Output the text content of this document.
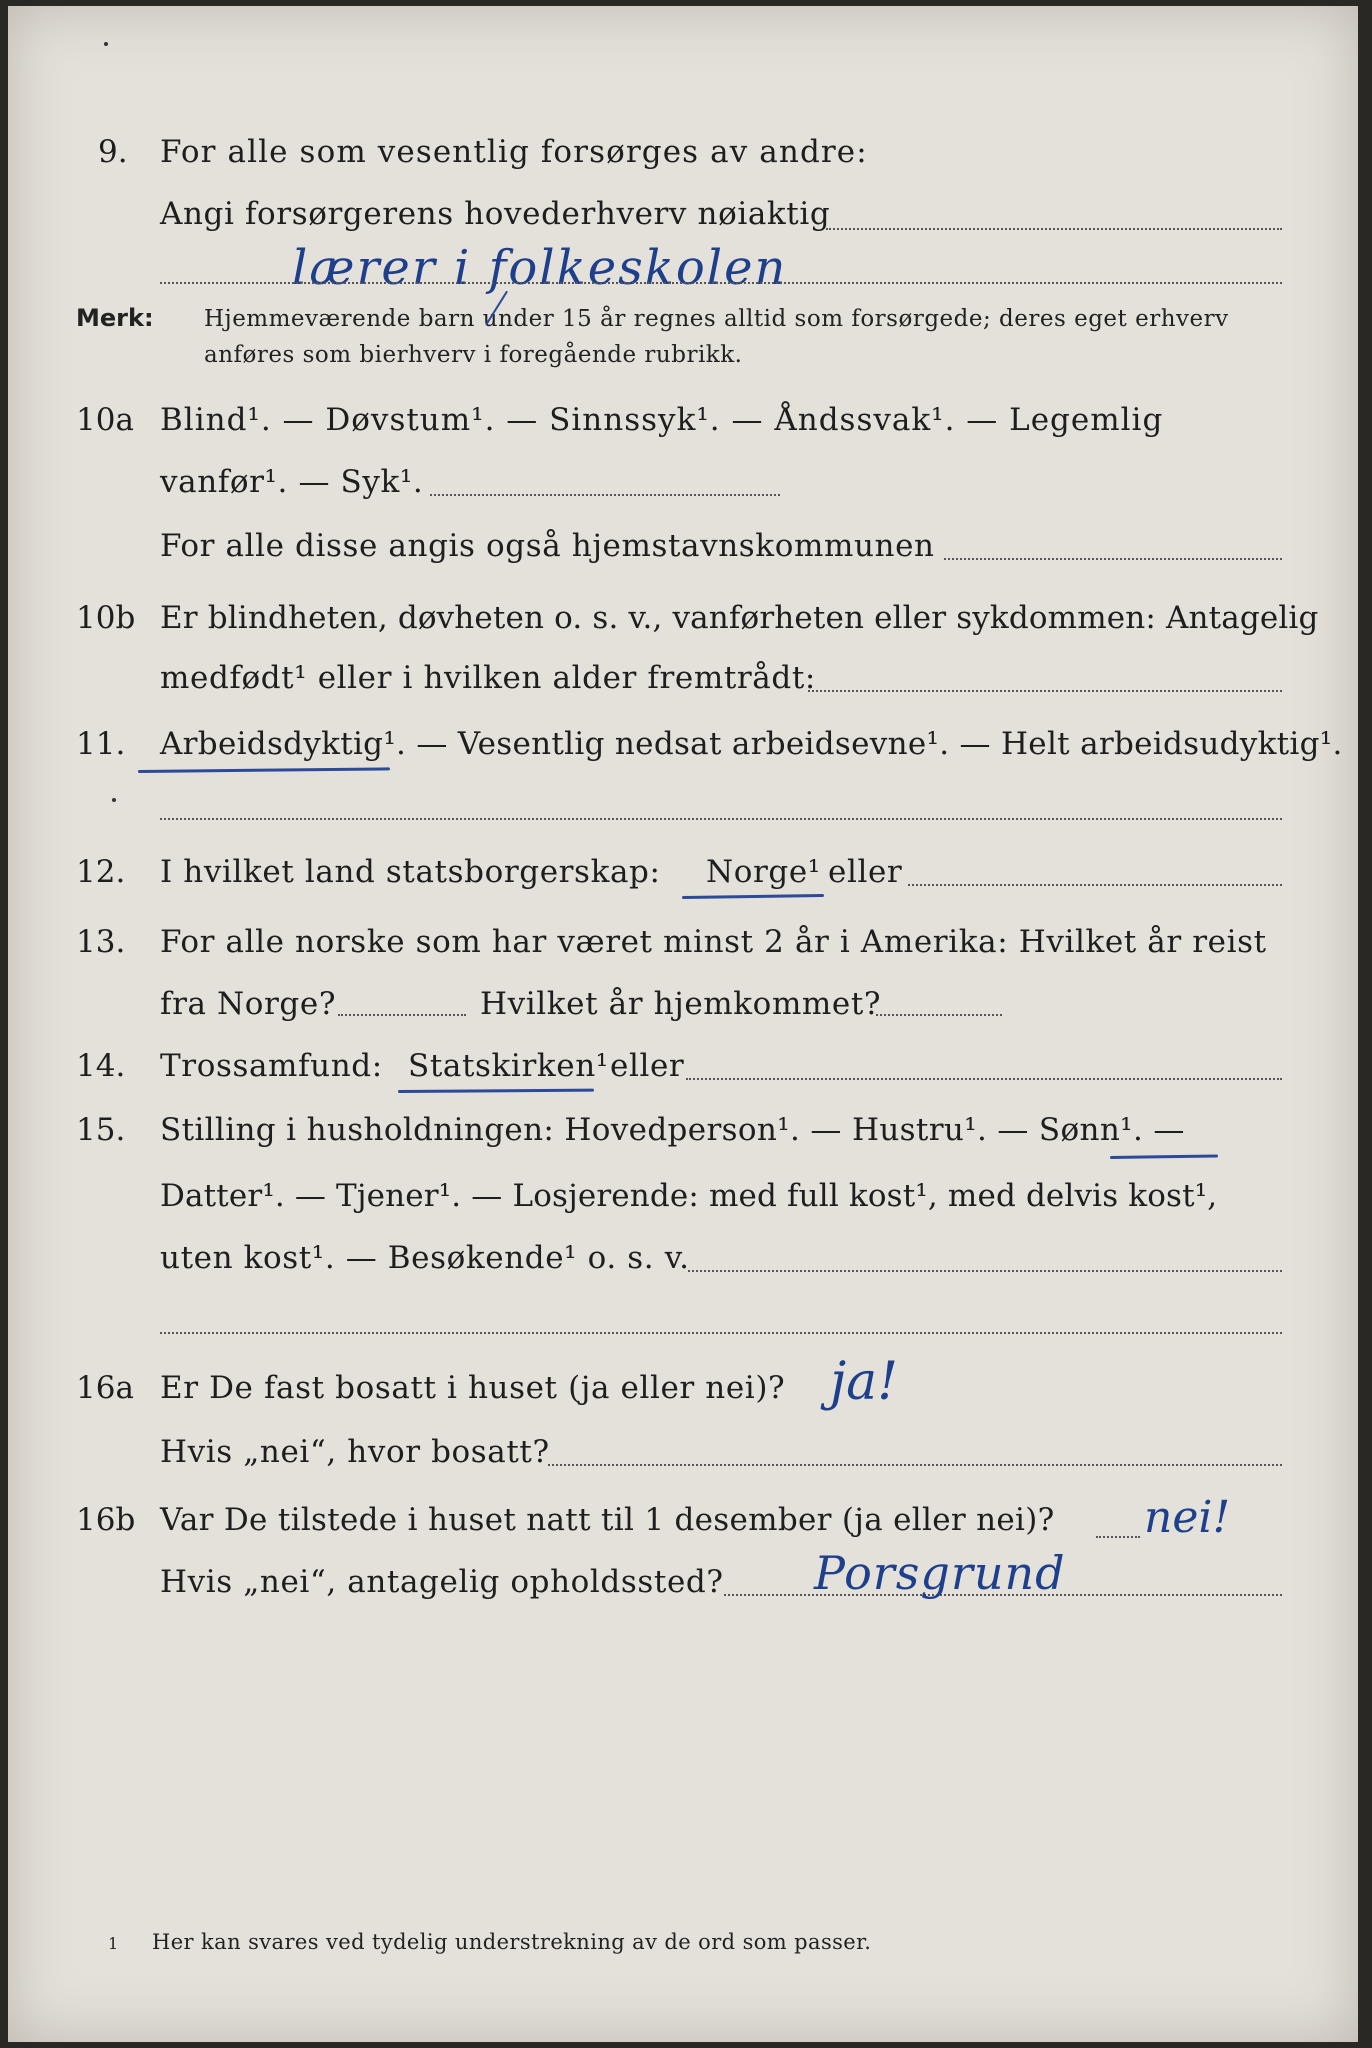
9. For alle som vesentlig forsørges av andre:
Angi forsørgerens hovederhverv nøiaktig
lærer i folkeskolen
Merk: Hjemmeværende barn under 15 år regnes alltid som forsørgede; deres eget erhverv
anføres som bierhverv i foregående rubrikk.
10a Blind¹. — Døvstum¹. — Sinnssyk¹. — Åndssvak¹. — Legemlig
vanfør¹. — Syk¹.
For alle disse angis også hjemstavnskommunen
10b Er blindheten, døvheten o. s. v., vanførheten eller sykdommen: Antagelig
medfødt¹ eller i hvilken alder fremtrådt:
11. Arbeidsdyktig¹. — Vesentlig nedsat arbeidsevne¹. — Helt arbeidsudyktig¹.
12. I hvilket land statsborgerskap: Norge¹ eller
13. For alle norske som har været minst 2 år i Amerika: Hvilket år reist
fra Norge?	Hvilket år hjemkommet?
14. Trossamfund: Statskirken¹ eller
15. Stilling i husholdningen: Hovedperson¹. — Hustru¹. — Sønn¹. —
Datter¹. — Tjener¹. — Losjerende: med full kost¹, med delvis kost¹,
uten kost¹. — Besøkende¹ o. s. v.
16a Er De fast bosatt i huset (ja eller nei)? ja!
Hvis „nei“, hvor bosatt?
16b Var De tilstede i huset natt til 1 desember (ja eller nei)? nei!
Hvis „nei“, antagelig opholdssted? Porsgrund
1 Her kan svares ved tydelig understrekning av de ord som passer.
